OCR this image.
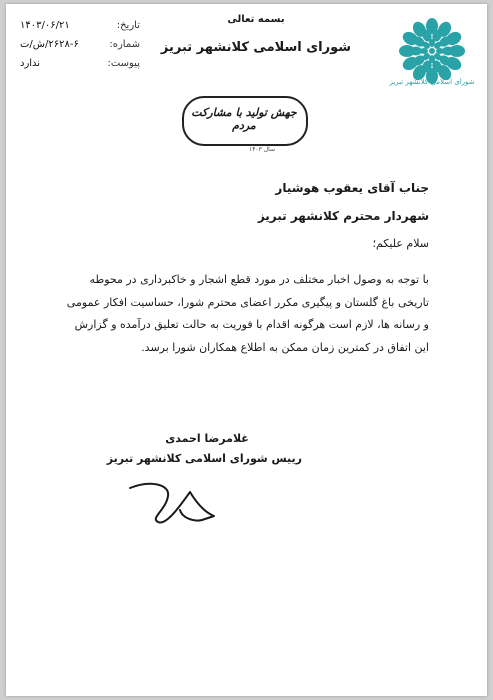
شورای اسلامی کلانشهر تبریز
بسمه تعالی
شورای اسلامی کلانشهر تبریز
تاریخ:
۱۴۰۳/۰۶/۲۱
شماره:
۲۶۲۸-۶/ش/ت
پیوست:
ندارد
جهش تولید با مشارکت مردم
سال ۱۴۰۳
جناب آقای یعقوب هوشیار
شهردار محترم کلانشهر تبریز
سلام علیکم؛

با توجه به وصول اخبار مختلف در مورد قطع اشجار و خاکبرداری در محوطه

تاریخی باغ گلستان و پیگیری مکرر اعضای محترم شورا، حساسیت افکار عمومی

و رسانه ها، لازم است هرگونه اقدام با فوریت به حالت تعلیق درآمده و گزارش

این اتفاق در کمترین زمان ممکن به اطلاع همکاران شورا برسد.

غلامرضا احمدی
رییس شورای اسلامی کلانشهر تبریز
